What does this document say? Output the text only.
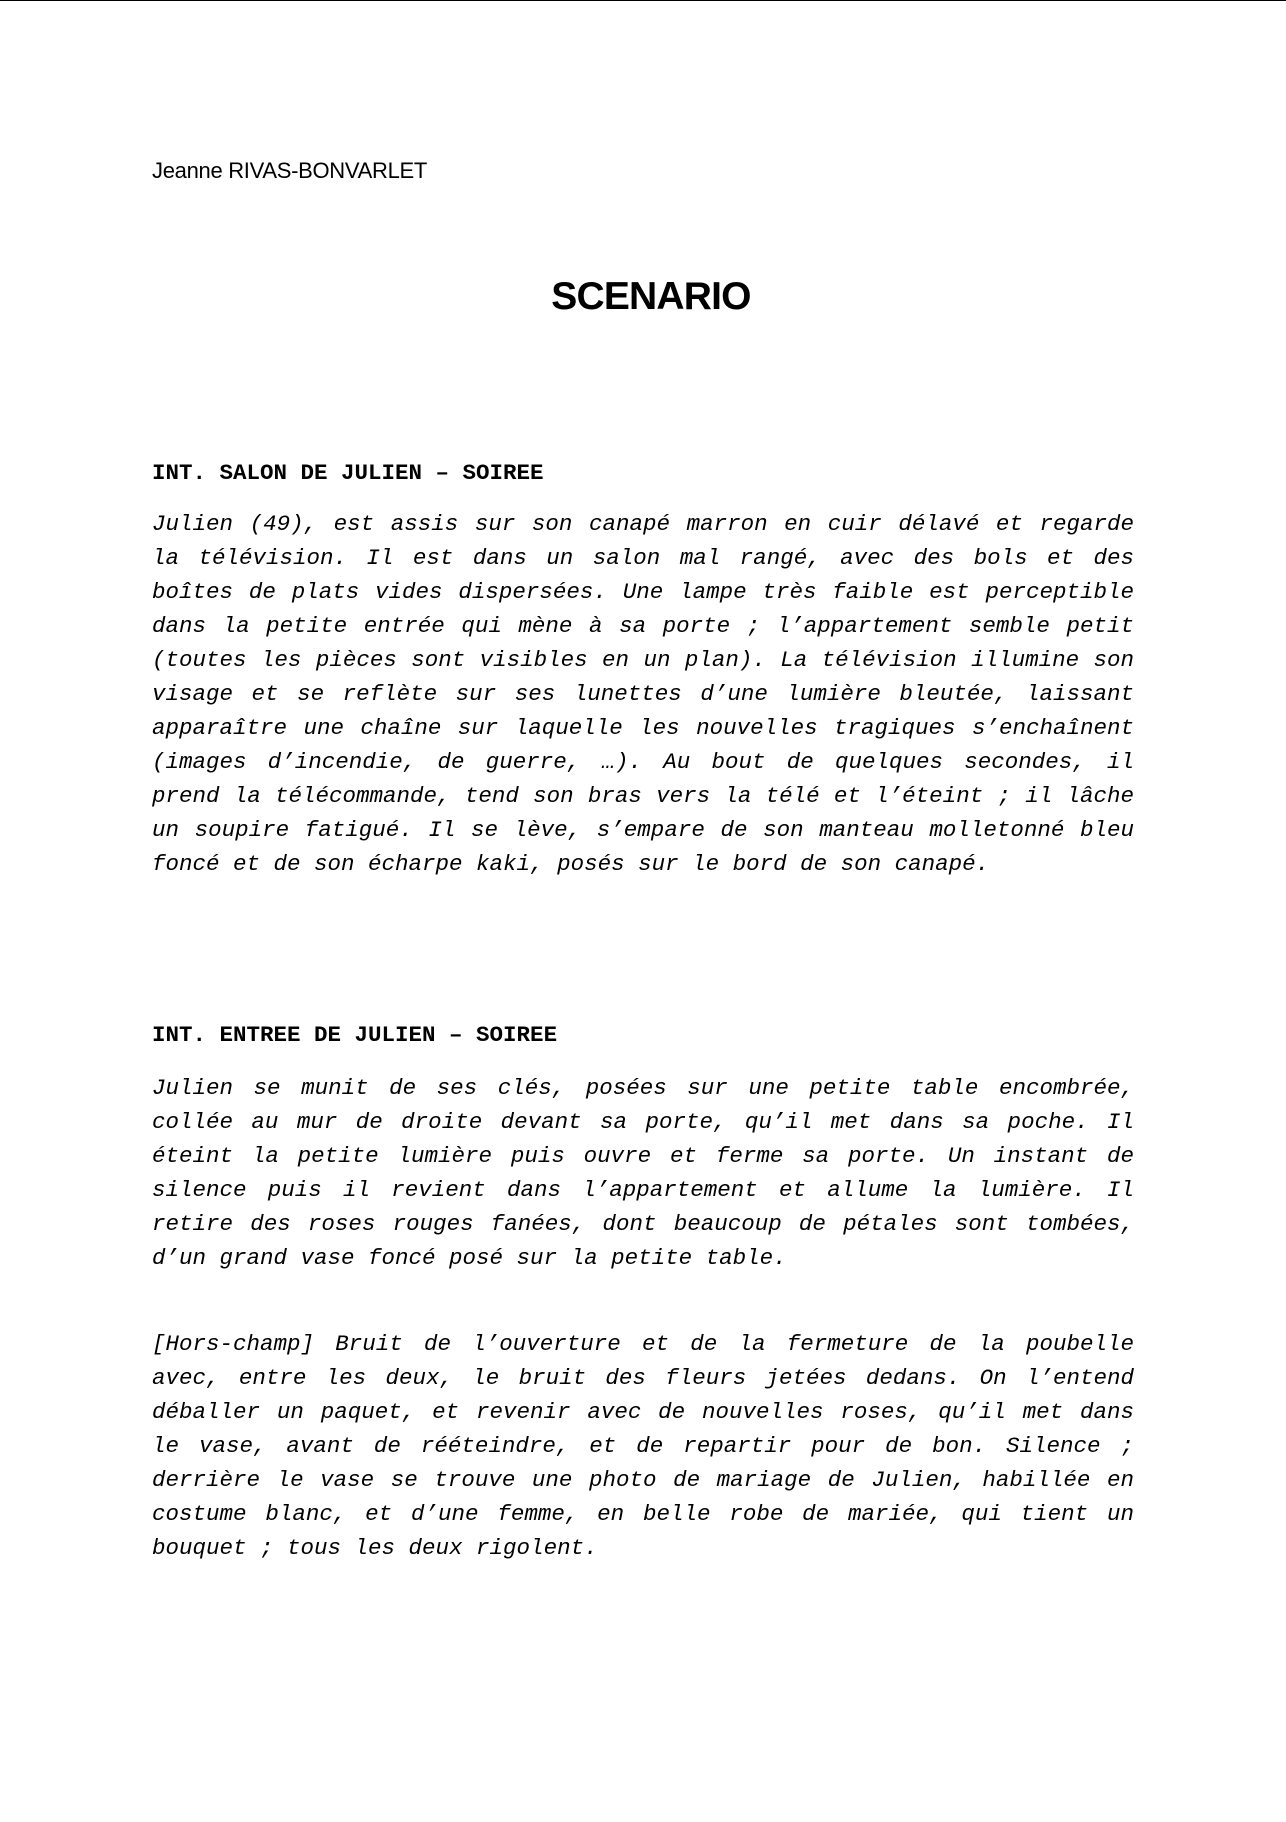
Jeanne RIVAS-BONVARLET
SCENARIO
INT. SALON DE JULIEN – SOIREE

Julien (49), est assis sur son canapé marron en cuir délavé et regarde la télévision. Il est dans un salon mal rangé, avec des bols et des boîtes de plats vides dispersées. Une lampe très faible est perceptible dans la petite entrée qui mène à sa porte ; l’appartement semble petit (toutes les pièces sont visibles en un plan). La télévision illumine son visage et se reflète sur ses lunettes d’une lumière bleutée, laissant apparaître une chaîne sur laquelle les nouvelles tragiques s’enchaînent (images d’incendie, de guerre, …). Au bout de quelques secondes, il prend la télécommande, tend son bras vers la télé et l’éteint ; il lâche un soupire fatigué. Il se lève, s’empare de son manteau molletonné bleu foncé et de son écharpe kaki, posés sur le bord de son canapé.

INT. ENTREE DE JULIEN – SOIREE

Julien se munit de ses clés, posées sur une petite table encombrée, collée au mur de droite devant sa porte, qu’il met dans sa poche. Il éteint la petite lumière puis ouvre et ferme sa porte. Un instant de silence puis il revient dans l’appartement et allume la lumière. Il retire des roses rouges fanées, dont beaucoup de pétales sont tombées, d’un grand vase foncé posé sur la petite table.

[Hors-champ] Bruit de l’ouverture et de la fermeture de la poubelle avec, entre les deux, le bruit des fleurs jetées dedans. On l’entend déballer un paquet, et revenir avec de nouvelles roses, qu’il met dans le vase, avant de rééteindre, et de repartir pour de bon. Silence ; derrière le vase se trouve une photo de mariage de Julien, habillée en costume blanc, et d’une femme, en belle robe de mariée, qui tient un bouquet ; tous les deux rigolent.
